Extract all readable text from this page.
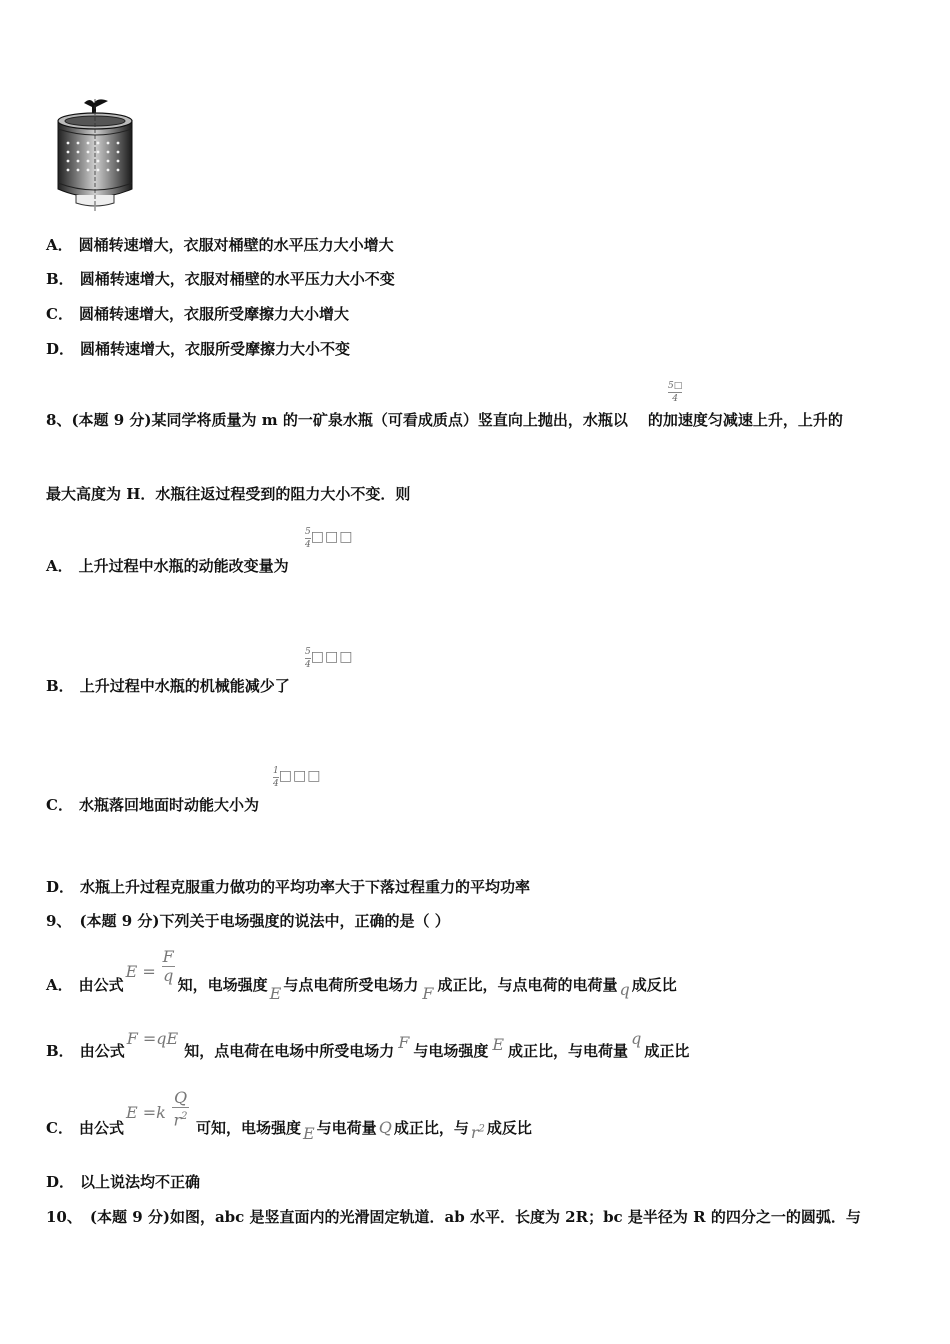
A． 圆桶转速增大，衣服对桶壁的水平压力大小增大
B． 圆桶转速增大，衣服对桶壁的水平压力大小不变
C． 圆桶转速增大，衣服所受摩擦力大小增大
D． 圆桶转速增大，衣服所受摩擦力大小不变
5□
4
8、(本题 9 分)某同学将质量为 m 的一矿泉水瓶（可看成质点）竖直向上抛出，水瓶以 的加速度匀减速上升，上升的
最大高度为 H．水瓶往返过程受到的阻力大小不变．则
$\frac{5}{4}$ □□□
A． 上升过程中水瓶的动能改变量为
$\frac{5}{4}$ □□□
B． 上升过程中水瓶的机械能减少了
$\frac{1}{4}$ □□□
C． 水瓶落回地面时动能大小为
D． 水瓶上升过程克服重力做功的平均功率大于下落过程重力的平均功率
9、 (本题 9 分)下列关于电场强度的说法中，正确的是（ ）
A． 由公式
$E = \frac{F}{q}$ 知，电场强度 E 与点电荷所受电场力 F 成正比，与点电荷的电荷量 q 成反比
B． 由公式F =qE知，点电荷在电场中所受电场力 F 与电场强度 E 成正比，与电荷量q成正比
C． 由公式
E =k
Q
$r^2$
可知，电场强度 E 与电荷量 Q 成正比，与 $r^2$ 成反比
D． 以上说法均不正确
10、 (本题 9 分)如图，abc 是竖直面内的光滑固定轨道．ab 水平．长度为 2R；bc 是半径为 R 的四分之一的圆弧．与
